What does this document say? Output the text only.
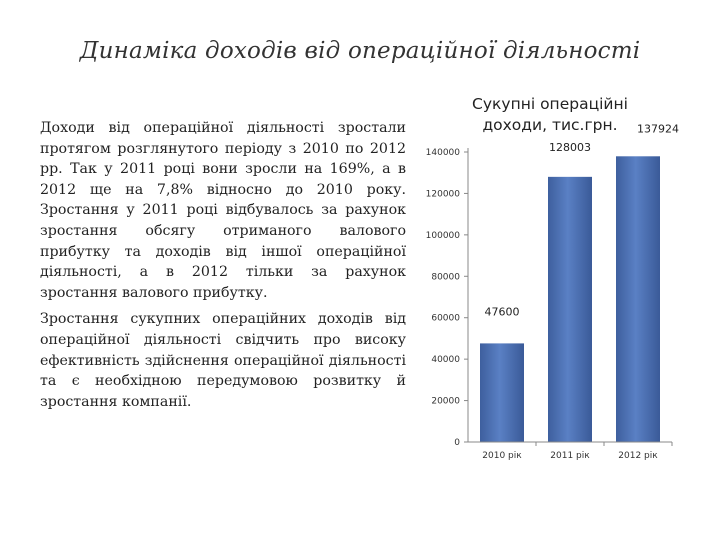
Динаміка доходів від операційної діяльності

Доходи від операційної діяльності зростали протягом розглянутого періоду з 2010 по 2012 рр. Так у 2011 році вони зросли на 169%, а в 2012 ще на 7,8% відносно до 2010 року. Зростання у 2011 році відбувалось за рахунок зростання обсягу отриманого валового прибутку та доходів від іншої операційної діяльності, а в 2012 тільки за рахунок зростання валового прибутку.

Зростання сукупних операційних доходів від операційної діяльності свідчить про високу ефективність здійснення операційної діяльності та є необхідною передумовою розвитку й зростання компанії.

Сукупні операційні доходи, тис.грн.
0
20000
40000
60000
80000
100000
120000
140000
47600
128003
137924
2010 рік	2011 рік	2012 рік
